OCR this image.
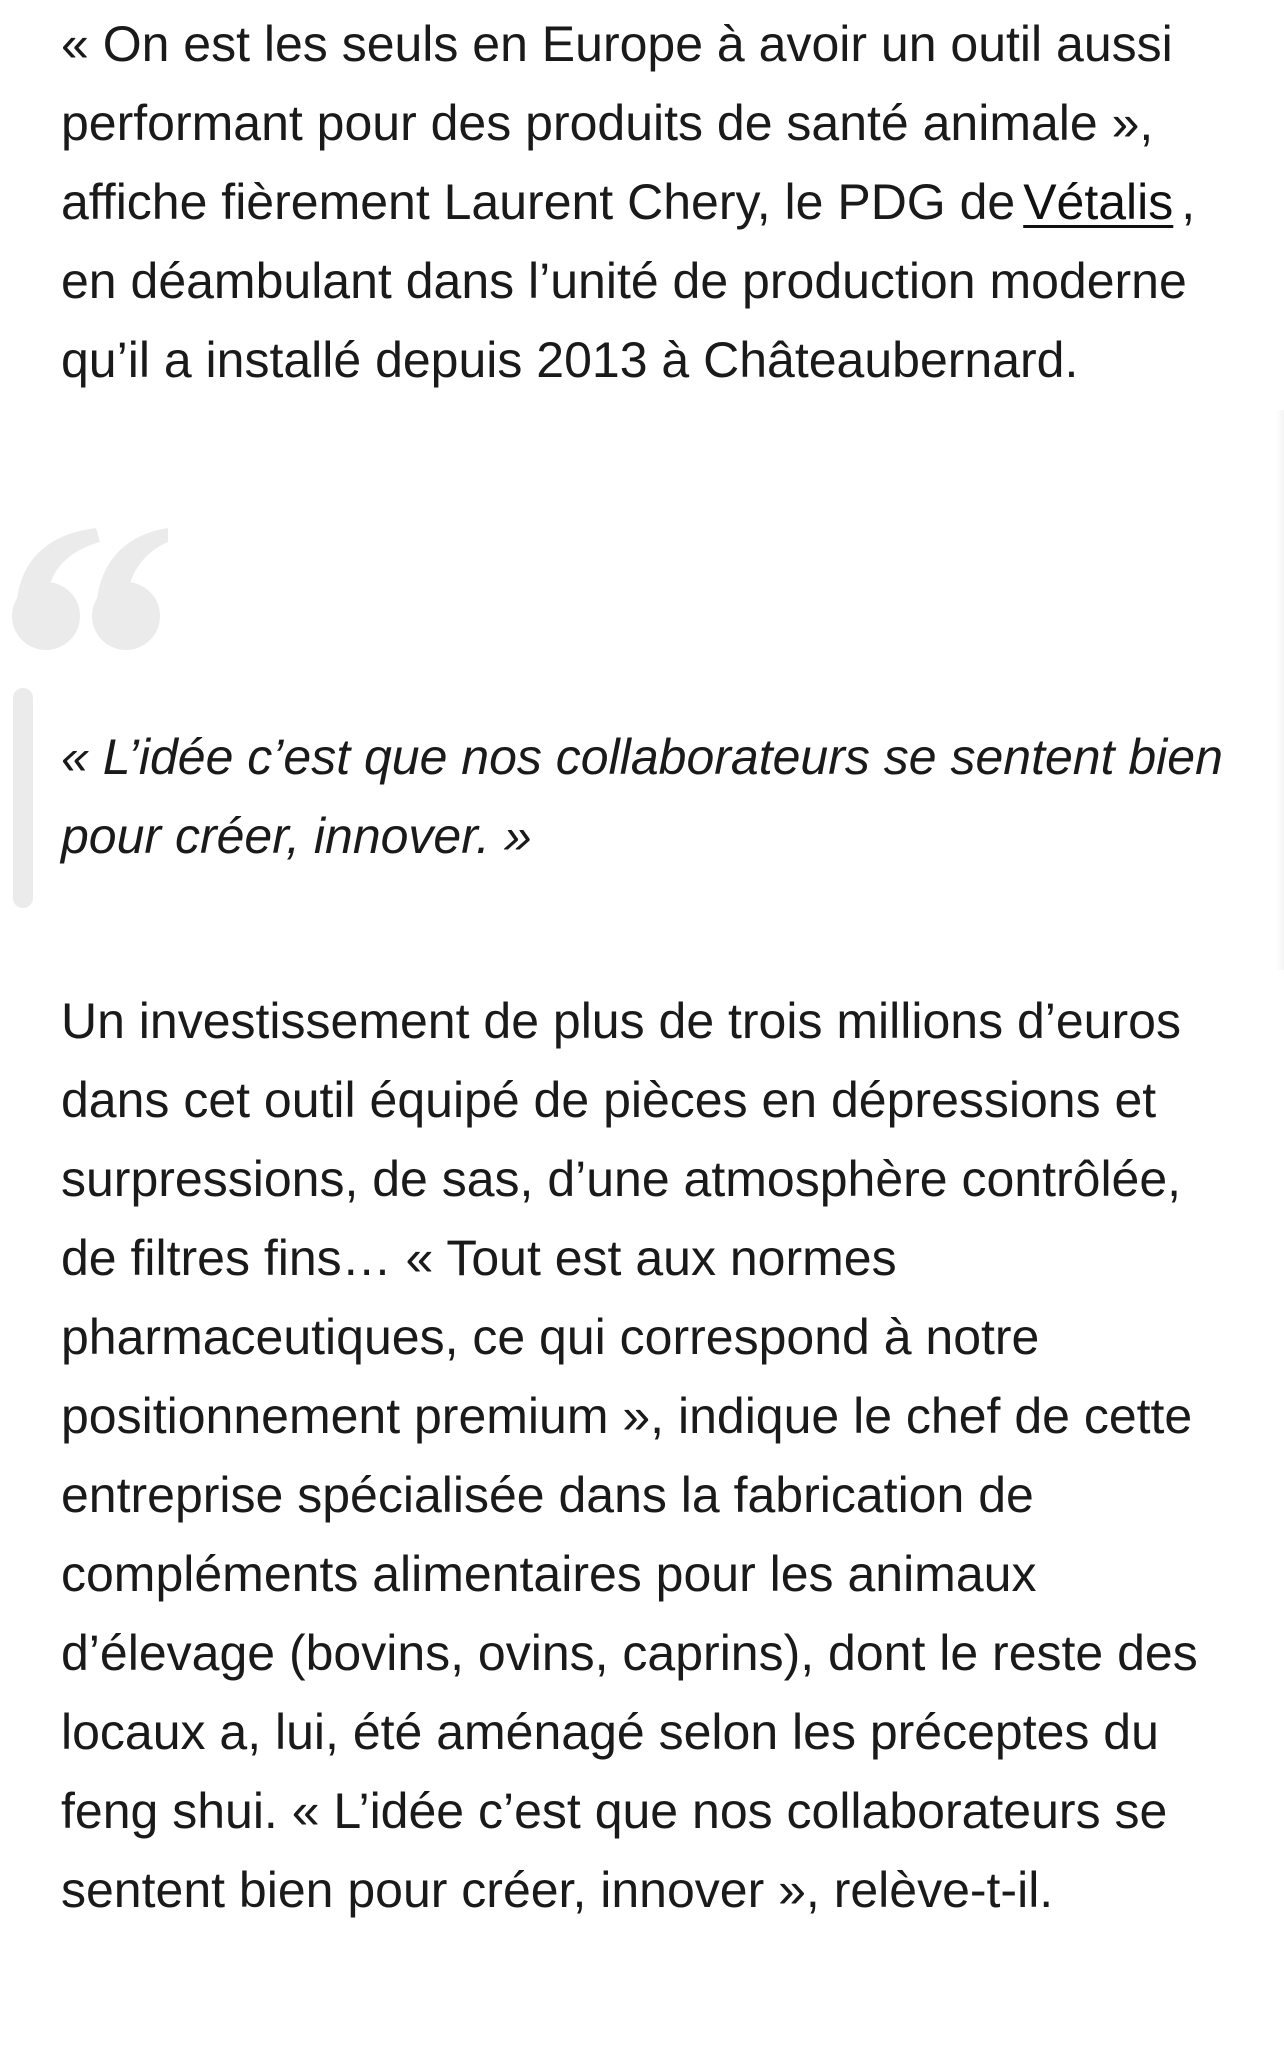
« On est les seuls en Europe à avoir un outil aussi performant pour des produits de santé animale », affiche fièrement Laurent Chery, le PDG de Vétalis , en déambulant dans l’unité de production moderne qu’il a installé depuis 2013 à Châteaubernard.

Un investissement de plus de trois millions d’euros dans cet outil équipé de pièces en dépressions et surpressions, de sas, d’une atmosphère contrôlée, de filtres fins… « Tout est aux normes pharmaceutiques, ce qui correspond à notre positionnement premium », indique le chef de cette entreprise spécialisée dans la fabrication de compléments alimentaires pour les animaux d’élevage (bovins, ovins, caprins), dont le reste des locaux a, lui, été aménagé selon les préceptes du feng shui. « L’idée c’est que nos collaborateurs se sentent bien pour créer, innover », relève-t-il.

« L’idée c’est que nos collaborateurs se sentent bien pour créer, innover. »
